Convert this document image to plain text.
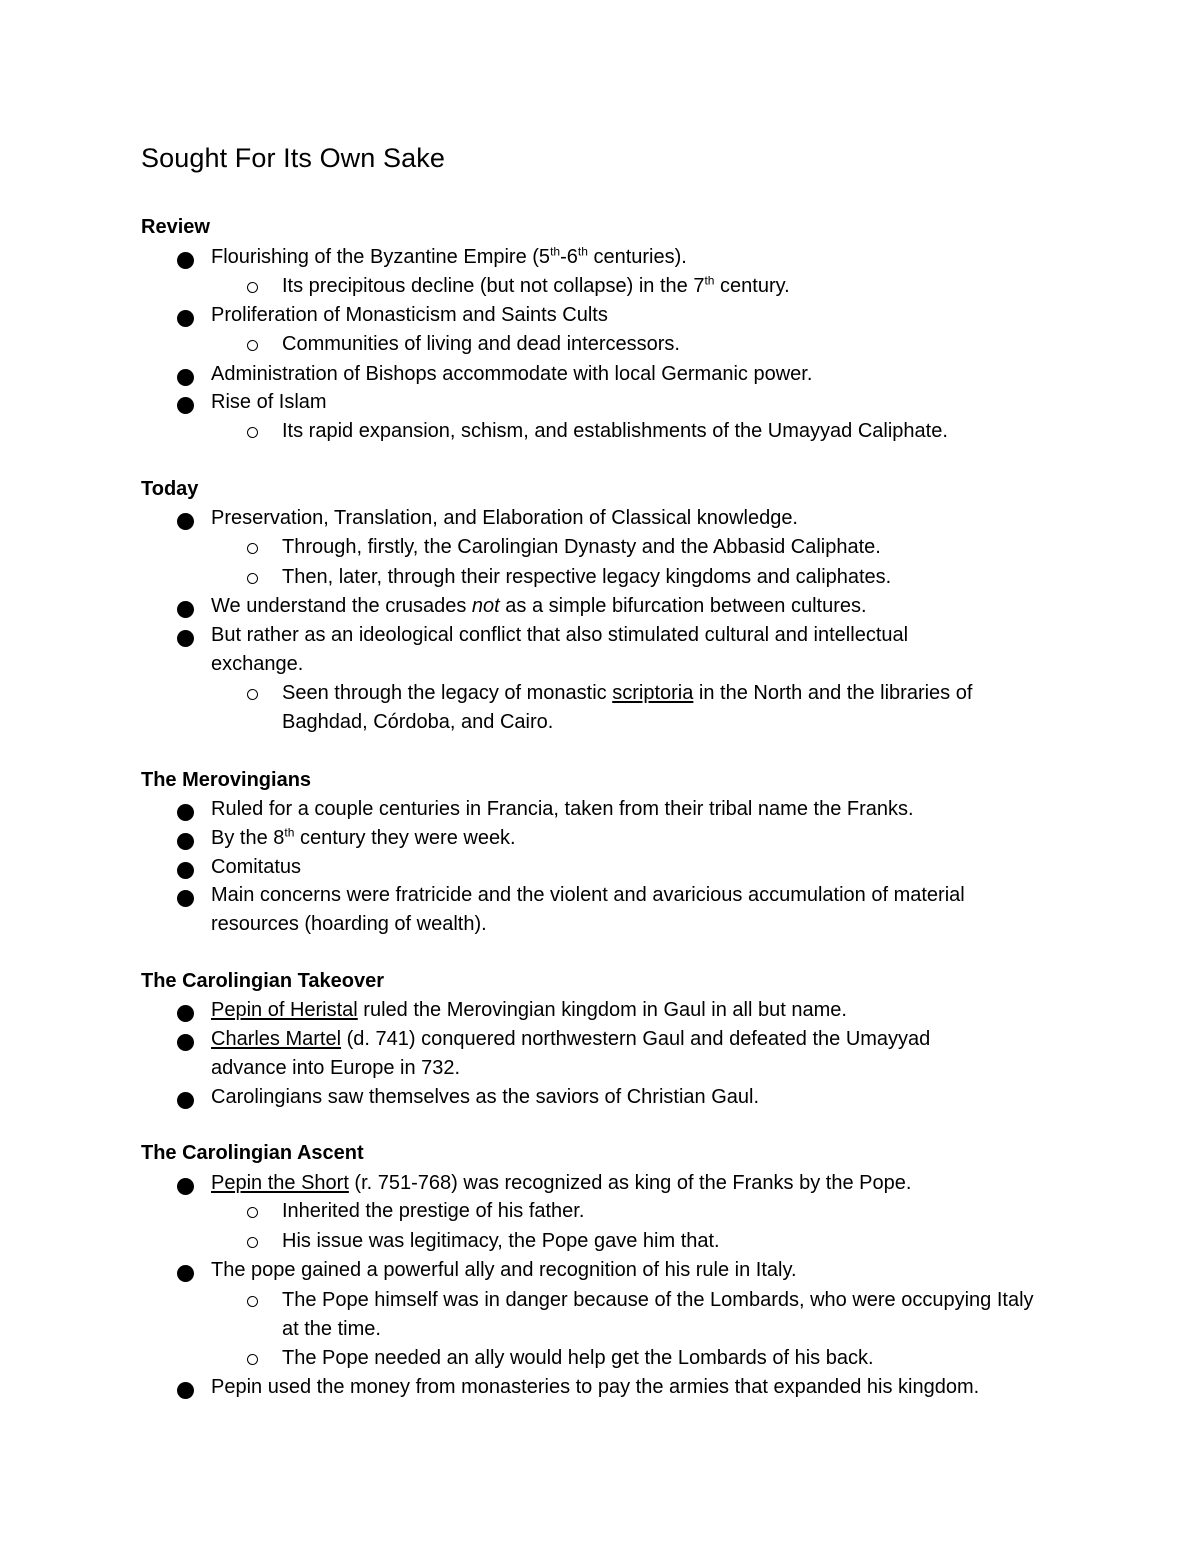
Sought For Its Own Sake
Review

Flourishing of the Byzantine Empire (5th-6th centuries).

Its precipitous decline (but not collapse) in the 7th century.

Proliferation of Monasticism and Saints Cults

Communities of living and dead intercessors.

Administration of Bishops accommodate with local Germanic power.

Rise of Islam

Its rapid expansion, schism, and establishments of the Umayyad Caliphate.

Today

Preservation, Translation, and Elaboration of Classical knowledge.

Through, firstly, the Carolingian Dynasty and the Abbasid Caliphate.

Then, later, through their respective legacy kingdoms and caliphates.

We understand the crusades not as a simple bifurcation between cultures.

But rather as an ideological conflict that also stimulated cultural and intellectual exchange.

Seen through the legacy of monastic scriptoria in the North and the libraries of Baghdad, Córdoba, and Cairo.

The Merovingians

Ruled for a couple centuries in Francia, taken from their tribal name the Franks.

By the 8th century they were week.

Comitatus

Main concerns were fratricide and the violent and avaricious accumulation of material resources (hoarding of wealth).

The Carolingian Takeover

Pepin of Heristal ruled the Merovingian kingdom in Gaul in all but name.

Charles Martel (d. 741) conquered northwestern Gaul and defeated the Umayyad advance into Europe in 732.

Carolingians saw themselves as the saviors of Christian Gaul.

The Carolingian Ascent

Pepin the Short (r. 751-768) was recognized as king of the Franks by the Pope.

Inherited the prestige of his father.

His issue was legitimacy, the Pope gave him that.

The pope gained a powerful ally and recognition of his rule in Italy.

The Pope himself was in danger because of the Lombards, who were occupying Italy at the time.

The Pope needed an ally would help get the Lombards of his back.

Pepin used the money from monasteries to pay the armies that expanded his kingdom.
